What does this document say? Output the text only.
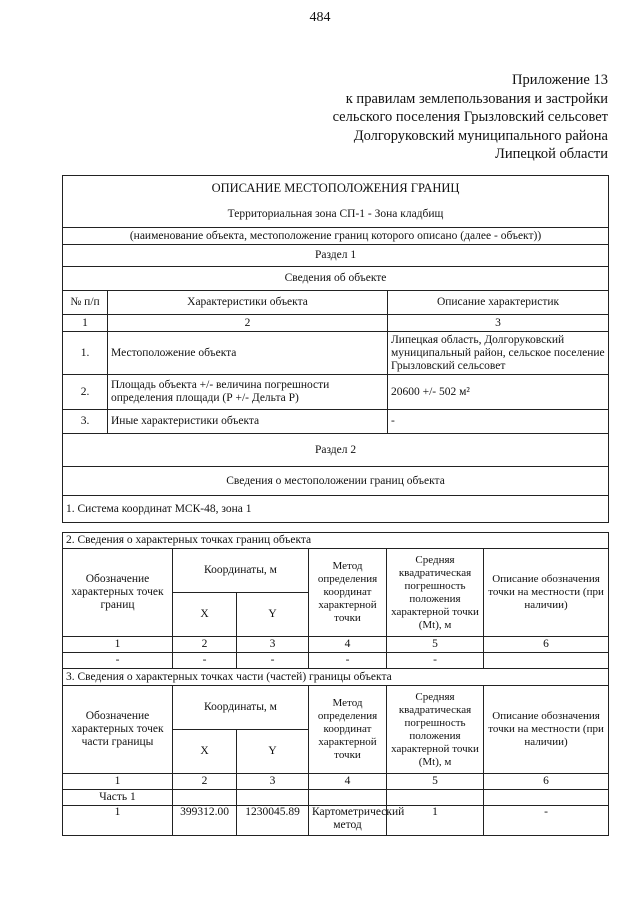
484
Приложение 13
к правилам землепользования и застройки
сельского поселения Грызловский сельсовет
Долгоруковский муниципального района
Липецкой области
ОПИСАНИЕ МЕСТОПОЛОЖЕНИЯ ГРАНИЦ		
Территориальная зона СП-1 - Зона кладбищ		
(наименование объекта, местоположение границ которого описано (далее - объект))		
Раздел 1		
Сведения об объекте		
№ п/п	Характеристики объекта	Описание характеристик
1	2	3
1.	Местоположение объекта	Липецкая область, Долгоруковский муниципальный район, сельское поселение Грызловский сельсовет
2.	Площадь объекта +/- величина погрешности определения площади (Р +/- Дельта Р)	20600 +/- 502 м²
3.	Иные характеристики объекта	-
Раздел 2		
Сведения о местоположении границ объекта		
1. Система координат МСК-48, зона 1		
2. Сведения о характерных точках границ объекта					
Обозначение характерных точек границ	Координаты, м		Метод определения координат характерной точки	Средняя квадратическая погрешность положения характерной точки (Мt), м	Описание обозначения точки на местности (при наличии)
	X	Y			
1	2	3	4	5	6
-	-	-	-	-	
3. Сведения о характерных точках части (частей) границы объекта					
Обозначение характерных точек части границы	Координаты, м		Метод определения координат характерной точки	Средняя квадратическая погрешность положения характерной точки (Мt), м	Описание обозначения точки на местности (при наличии)
	X	Y			
1	2	3	4	5	6
Часть 1					
1	399312.00	1230045.89	Картометрический метод	1	-
